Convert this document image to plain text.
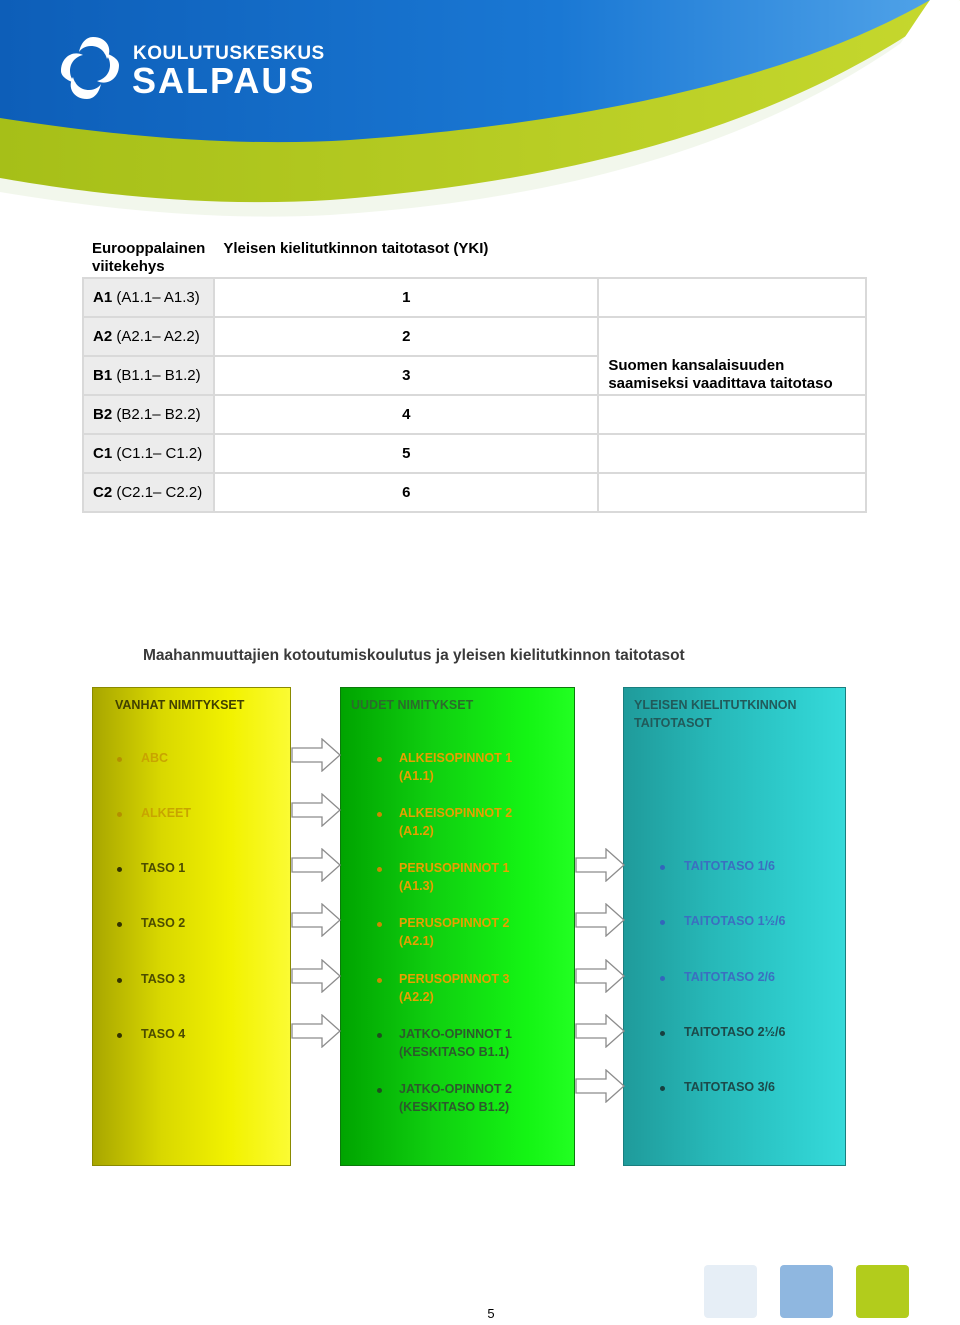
KOULUTUSKESKUS
SALPAUS
Eurooppalainen viitekehys	Yleisen kielitutkinnon taitotasot (YKI)	
A1 (A1.1– A1.3)	1	
A2 (A2.1– A2.2)	2	Suomen kansalaisuuden saamiseksi vaadittava taitotaso
B1 (B1.1– B1.2)	3	
B2 (B2.1– B2.2)	4	
C1 (C1.1– C1.2)	5	
C2 (C2.1– C2.2)	6	
Maahanmuuttajien kotoutumiskoulutus ja yleisen kielitutkinnon taitotasot
VANHAT NIMITYKSET
ABC
ALKEET
TASO 1
TASO 2
TASO 3
TASO 4
UUDET NIMITYKSET
ALKEISOPINNOT 1
(A1.1)
ALKEISOPINNOT 2
(A1.2)
PERUSOPINNOT 1
(A1.3)
PERUSOPINNOT 2
(A2.1)
PERUSOPINNOT 3
(A2.2)
JATKO-OPINNOT 1
(KESKITASO B1.1)
JATKO-OPINNOT 2
(KESKITASO B1.2)
YLEISEN KIELITUTKINNON
TAITOTASOT
TAITOTASO 1/6
TAITOTASO 1½/6
TAITOTASO 2/6
TAITOTASO 2½/6
TAITOTASO 3/6
5
